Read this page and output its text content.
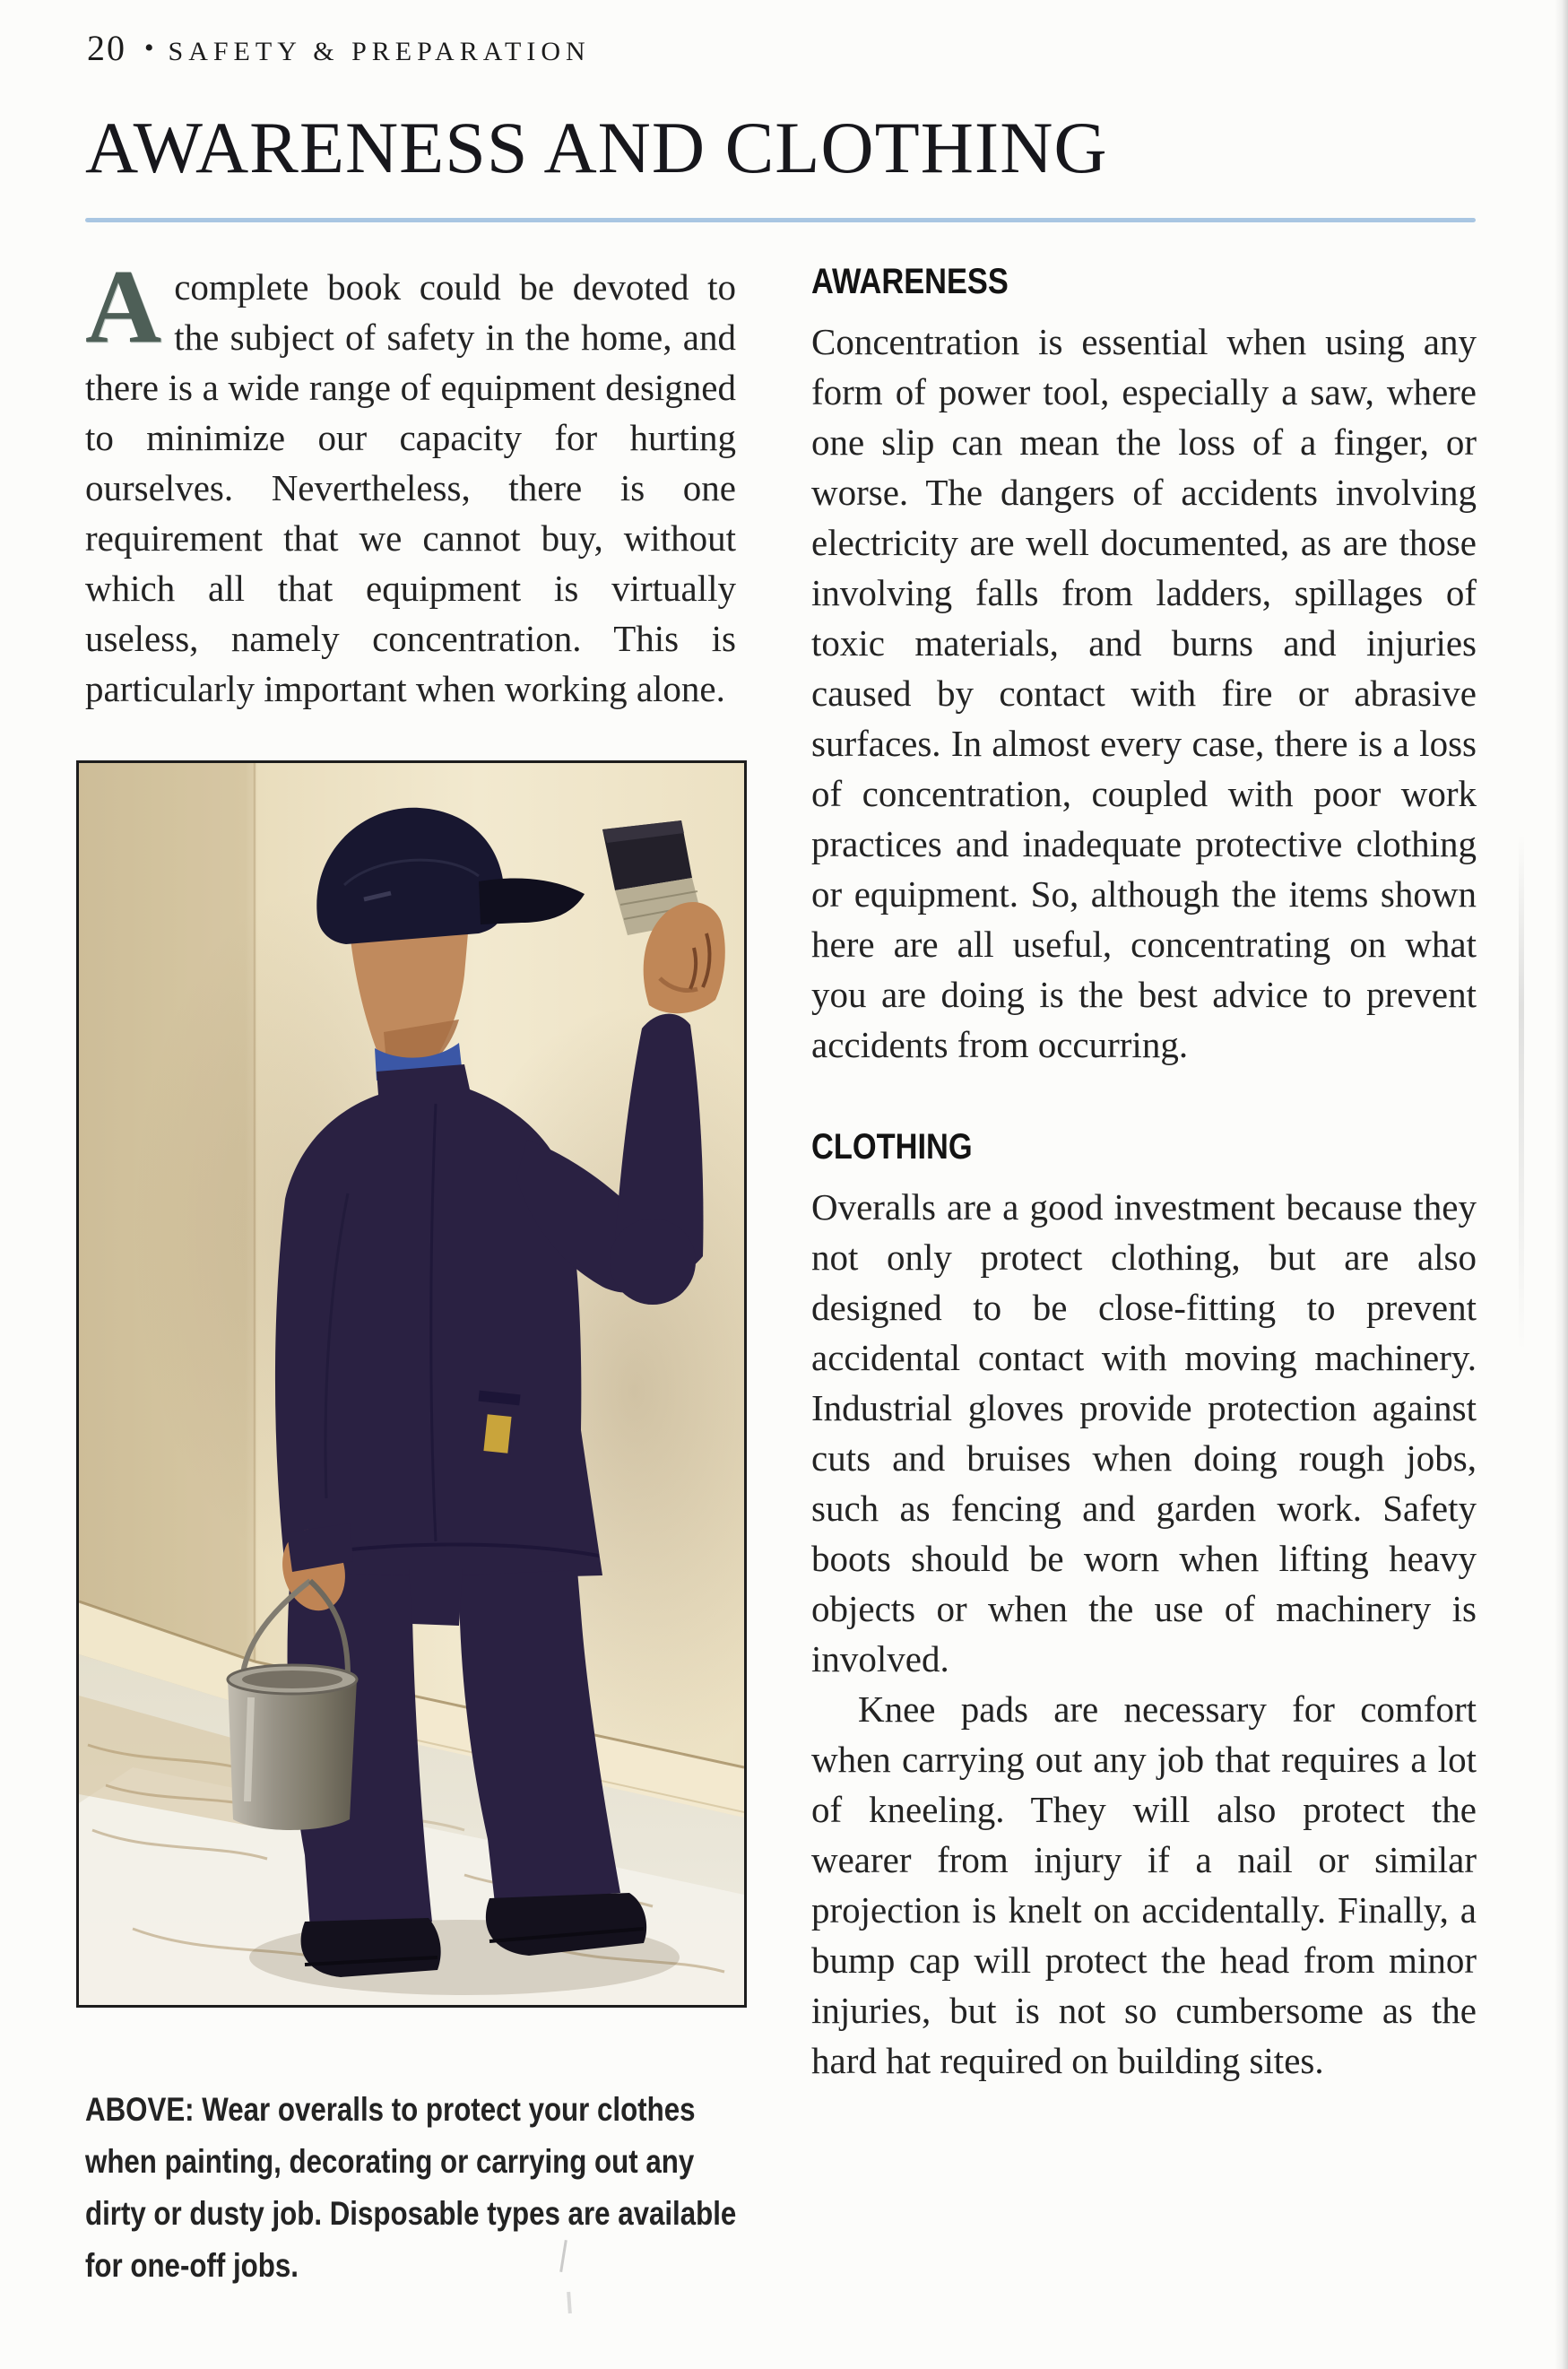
20 • SAFETY & PREPARATION
AWARENESS AND CLOTHING

Acomplete book could be devoted to the subject of safety in the home, and there is a wide range of equipment designed to minimize our capacity for hurting ourselves. Nevertheless, there is one requirement that we cannot buy, without which all that equipment is virtually useless, namely concentration. This is particularly important when working alone.

ABOVE: Wear overalls to protect your clothes when painting, decorating or carrying out any dirty or dusty job. Disposable types are available for one-off jobs.

AWARENESS

Concentration is essential when using any form of power tool, especially a saw, where one slip can mean the loss of a finger, or worse. The dangers of accidents involving electricity are well documented, as are those involving falls from ladders, spillages of toxic materials, and burns and injuries caused by contact with fire or abrasive surfaces. In almost every case, there is a loss of concentration, coupled with poor work practices and inadequate protective clothing or equipment. So, although the items shown here are all useful, concentrating on what you are doing is the best advice to prevent accidents from occurring.

CLOTHING

Overalls are a good investment because they not only protect clothing, but are also designed to be close-fitting to prevent accidental contact with moving machinery. Industrial gloves provide protection against cuts and bruises when doing rough jobs, such as fencing and garden work. Safety boots should be worn when lifting heavy objects or when the use of machinery is involved.

Knee pads are necessary for comfort when carrying out any job that requires a lot of kneeling. They will also protect the wearer from injury if a nail or similar projection is knelt on accidentally. Finally, a bump cap will protect the head from minor injuries, but is not so cumbersome as the hard hat required on building sites.
